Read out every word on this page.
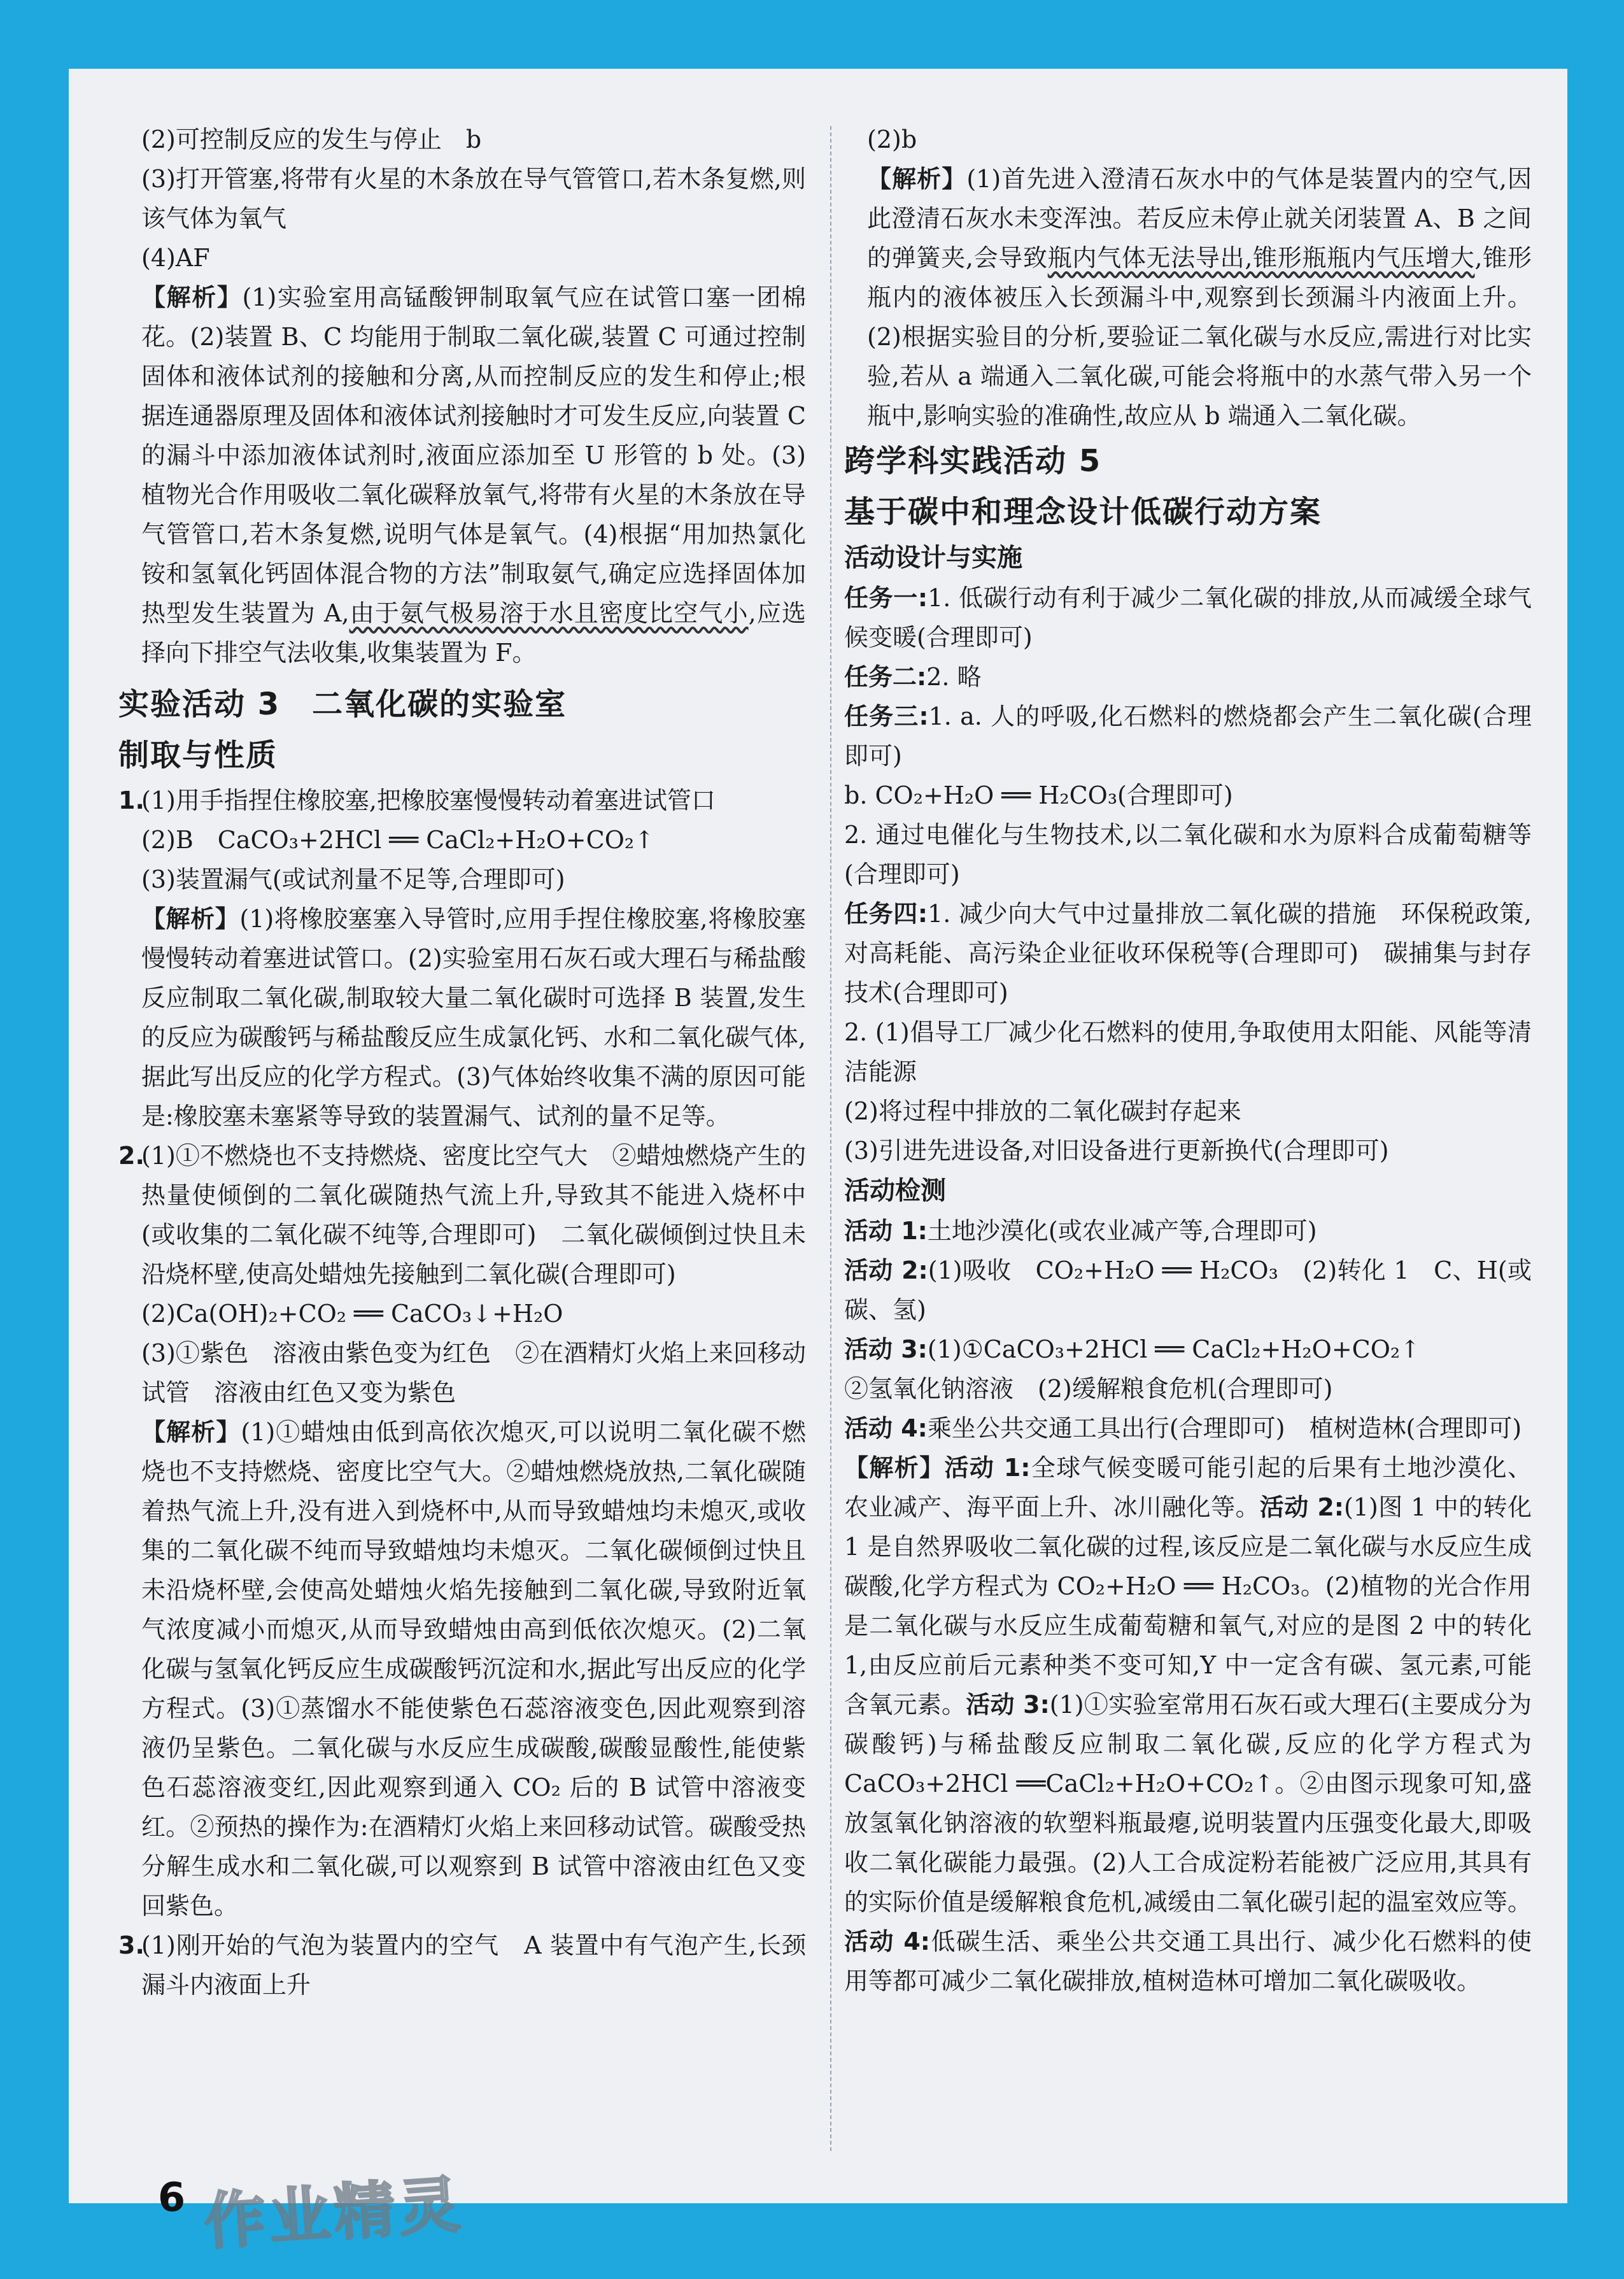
(2)可控制反应的发生与停止　b

(3)打开管塞,将带有火星的木条放在导气管管口,若木条复燃,则该气体为氧气

(4)AF

【解析】(1)实验室用高锰酸钾制取氧气应在试管口塞一团棉花。(2)装置 B、C 均能用于制取二氧化碳,装置 C 可通过控制固体和液体试剂的接触和分离,从而控制反应的发生和停止;根据连通器原理及固体和液体试剂接触时才可发生反应,向装置 C 的漏斗中添加液体试剂时,液面应添加至 U 形管的 b 处。(3)植物光合作用吸收二氧化碳释放氧气,将带有火星的木条放在导气管管口,若木条复燃,说明气体是氧气。(4)根据“用加热氯化铵和氢氧化钙固体混合物的方法”制取氨气,确定应选择固体加热型发生装置为 A,由于氨气极易溶于水且密度比空气小,应选择向下排空气法收集,收集装置为 F。

实验活动 3　二氧化碳的实验室

制取与性质

1.(1)用手指捏住橡胶塞,把橡胶塞慢慢转动着塞进试管口

(2)B　CaCO₃+2HCl ══ CaCl₂+H₂O+CO₂↑

(3)装置漏气(或试剂量不足等,合理即可)

【解析】(1)将橡胶塞塞入导管时,应用手捏住橡胶塞,将橡胶塞慢慢转动着塞进试管口。(2)实验室用石灰石或大理石与稀盐酸反应制取二氧化碳,制取较大量二氧化碳时可选择 B 装置,发生的反应为碳酸钙与稀盐酸反应生成氯化钙、水和二氧化碳气体,据此写出反应的化学方程式。(3)气体始终收集不满的原因可能是:橡胶塞未塞紧等导致的装置漏气、试剂的量不足等。

2.(1)①不燃烧也不支持燃烧、密度比空气大　②蜡烛燃烧产生的热量使倾倒的二氧化碳随热气流上升,导致其不能进入烧杯中(或收集的二氧化碳不纯等,合理即可)　二氧化碳倾倒过快且未沿烧杯壁,使高处蜡烛先接触到二氧化碳(合理即可)

(2)Ca(OH)₂+CO₂ ══ CaCO₃↓+H₂O

(3)①紫色　溶液由紫色变为红色　②在酒精灯火焰上来回移动试管　溶液由红色又变为紫色

【解析】(1)①蜡烛由低到高依次熄灭,可以说明二氧化碳不燃烧也不支持燃烧、密度比空气大。②蜡烛燃烧放热,二氧化碳随着热气流上升,没有进入到烧杯中,从而导致蜡烛均未熄灭,或收集的二氧化碳不纯而导致蜡烛均未熄灭。二氧化碳倾倒过快且未沿烧杯壁,会使高处蜡烛火焰先接触到二氧化碳,导致附近氧气浓度减小而熄灭,从而导致蜡烛由高到低依次熄灭。(2)二氧化碳与氢氧化钙反应生成碳酸钙沉淀和水,据此写出反应的化学方程式。(3)①蒸馏水不能使紫色石蕊溶液变色,因此观察到溶液仍呈紫色。二氧化碳与水反应生成碳酸,碳酸显酸性,能使紫色石蕊溶液变红,因此观察到通入 CO₂ 后的 B 试管中溶液变红。②预热的操作为:在酒精灯火焰上来回移动试管。碳酸受热分解生成水和二氧化碳,可以观察到 B 试管中溶液由红色又变回紫色。

3.(1)刚开始的气泡为装置内的空气　A 装置中有气泡产生,长颈漏斗内液面上升

(2)b

【解析】(1)首先进入澄清石灰水中的气体是装置内的空气,因此澄清石灰水未变浑浊。若反应未停止就关闭装置 A、B 之间的弹簧夹,会导致瓶内气体无法导出,锥形瓶瓶内气压增大,锥形瓶内的液体被压入长颈漏斗中,观察到长颈漏斗内液面上升。(2)根据实验目的分析,要验证二氧化碳与水反应,需进行对比实验,若从 a 端通入二氧化碳,可能会将瓶中的水蒸气带入另一个瓶中,影响实验的准确性,故应从 b 端通入二氧化碳。

跨学科实践活动 5

基于碳中和理念设计低碳行动方案

活动设计与实施

任务一:1. 低碳行动有利于减少二氧化碳的排放,从而减缓全球气候变暖(合理即可)

任务二:2. 略

任务三:1. a. 人的呼吸,化石燃料的燃烧都会产生二氧化碳(合理即可)

b. CO₂+H₂O ══ H₂CO₃(合理即可)

2. 通过电催化与生物技术,以二氧化碳和水为原料合成葡萄糖等(合理即可)

任务四:1. 减少向大气中过量排放二氧化碳的措施　环保税政策,对高耗能、高污染企业征收环保税等(合理即可)　碳捕集与封存技术(合理即可)

2. (1)倡导工厂减少化石燃料的使用,争取使用太阳能、风能等清洁能源

(2)将过程中排放的二氧化碳封存起来

(3)引进先进设备,对旧设备进行更新换代(合理即可)

活动检测

活动 1:土地沙漠化(或农业减产等,合理即可)

活动 2:(1)吸收　CO₂+H₂O ══ H₂CO₃　(2)转化 1　C、H(或碳、氢)

活动 3:(1)①CaCO₃+2HCl ══ CaCl₂+H₂O+CO₂↑

②氢氧化钠溶液　(2)缓解粮食危机(合理即可)

活动 4:乘坐公共交通工具出行(合理即可)　植树造林(合理即可)

【解析】活动 1:全球气候变暖可能引起的后果有土地沙漠化、农业减产、海平面上升、冰川融化等。活动 2:(1)图 1 中的转化 1 是自然界吸收二氧化碳的过程,该反应是二氧化碳与水反应生成碳酸,化学方程式为 CO₂+H₂O ══ H₂CO₃。(2)植物的光合作用是二氧化碳与水反应生成葡萄糖和氧气,对应的是图 2 中的转化 1,由反应前后元素种类不变可知,Y 中一定含有碳、氢元素,可能含氧元素。活动 3:(1)①实验室常用石灰石或大理石(主要成分为碳酸钙)与稀盐酸反应制取二氧化碳,反应的化学方程式为 CaCO₃+2HCl ══CaCl₂+H₂O+CO₂↑。②由图示现象可知,盛放氢氧化钠溶液的软塑料瓶最瘪,说明装置内压强变化最大,即吸收二氧化碳能力最强。(2)人工合成淀粉若能被广泛应用,其具有的实际价值是缓解粮食危机,减缓由二氧化碳引起的温室效应等。活动 4:低碳生活、乘坐公共交通工具出行、减少化石燃料的使用等都可减少二氧化碳排放,植树造林可增加二氧化碳吸收。

6 作业精灵
